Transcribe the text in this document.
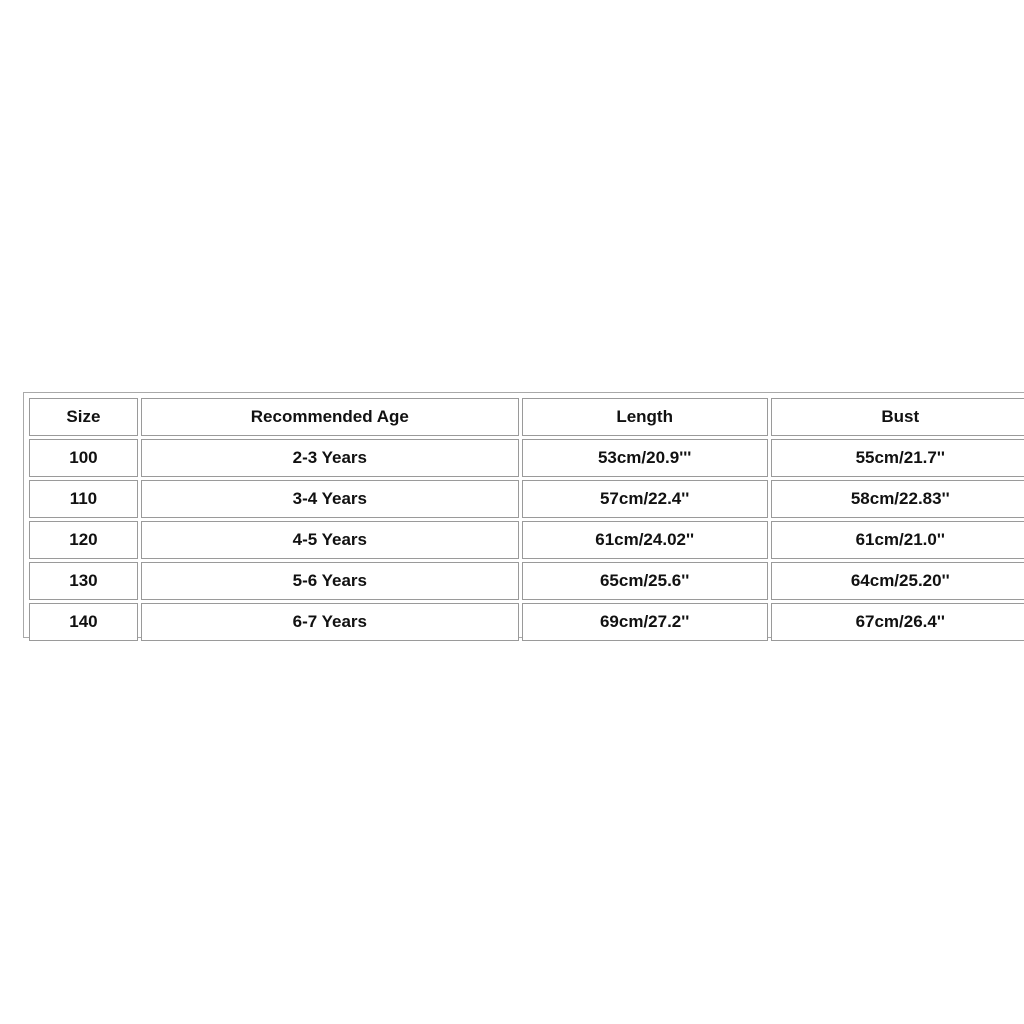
Size	Recommended Age	Length	Bust
100	2-3 Years	53cm/20.9'''	55cm/21.7''
110	3-4 Years	57cm/22.4''	58cm/22.83''
120	4-5 Years	61cm/24.02''	61cm/21.0''
130	5-6 Years	65cm/25.6''	64cm/25.20''
140	6-7 Years	69cm/27.2''	67cm/26.4''
